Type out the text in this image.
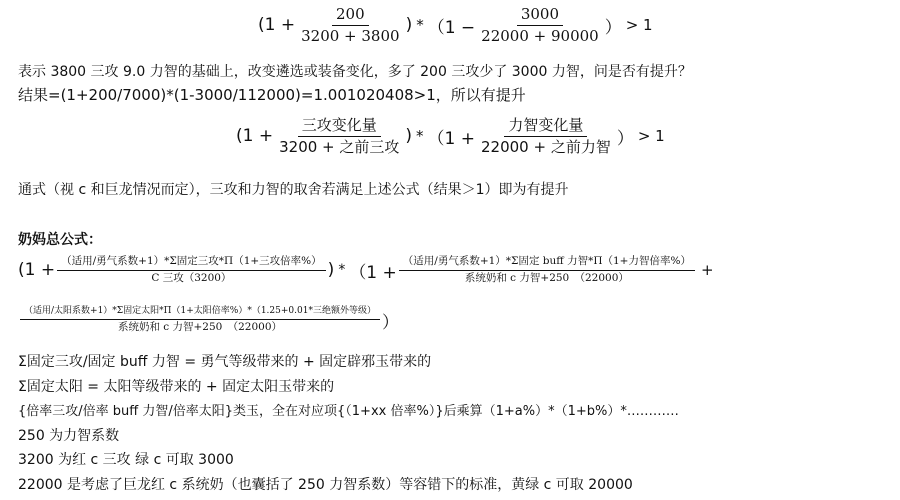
($1 + \frac{200}{3200 + 3800}$ ) * （$1 - \frac{3000}{22000 + 90000}$ ） > 1
表示 3800 三攻 9.0 力智的基础上，改变遴选或装备变化，多了 200 三攻少了 3000 力智，问是否有提升？
结果=(1+200/7000)*(1-3000/112000)=1.001020408>1，所以有提升
($1 + \frac{\text{三攻变化量}}{\text{3200 + 之前三攻}}$ ) * （$1 + \frac{\text{力智变化量}}{\text{22000 + 之前力智}}$ ） > 1
通式（视 c 和巨龙情况而定），三攻和力智的取舍若满足上述公式（结果＞1）即为有提升
奶妈总公式：
($1 + \frac{\text{（适用/勇气系数+1）*Σ固定三攻*Π（1+三攻倍率\%）}}{\text{C 三攻（3200）}}$ ) * （$1 + \frac{\text{（适用/勇气系数+1）*Σ固定 buff 力智*Π（1+力智倍率\%）}}{\text{系统奶和 c 力智+250　（22000）}}$ +
$\frac{\text{（适用/太阳系数+1）*Σ固定太阳*Π（1+太阳倍率\%）*（1.25+0.01*三绝额外等级）}}{\text{系统奶和 c 力智+250　（22000）}}$ ）
Σ固定三攻/固定 buff 力智 = 勇气等级带来的 + 固定辟邪玉带来的
Σ固定太阳 = 太阳等级带来的 + 固定太阳玉带来的
{倍率三攻/倍率 buff 力智/倍率太阳}类玉，全在对应项{（1+xx 倍率%）}后乘算（1+a%）*（1+b%）*…………
250 为力智系数
3200 为红 c 三攻 绿 c 可取 3000
22000 是考虑了巨龙红 c 系统奶（也囊括了 250 力智系数）等容错下的标准，黄绿 c 可取 20000
